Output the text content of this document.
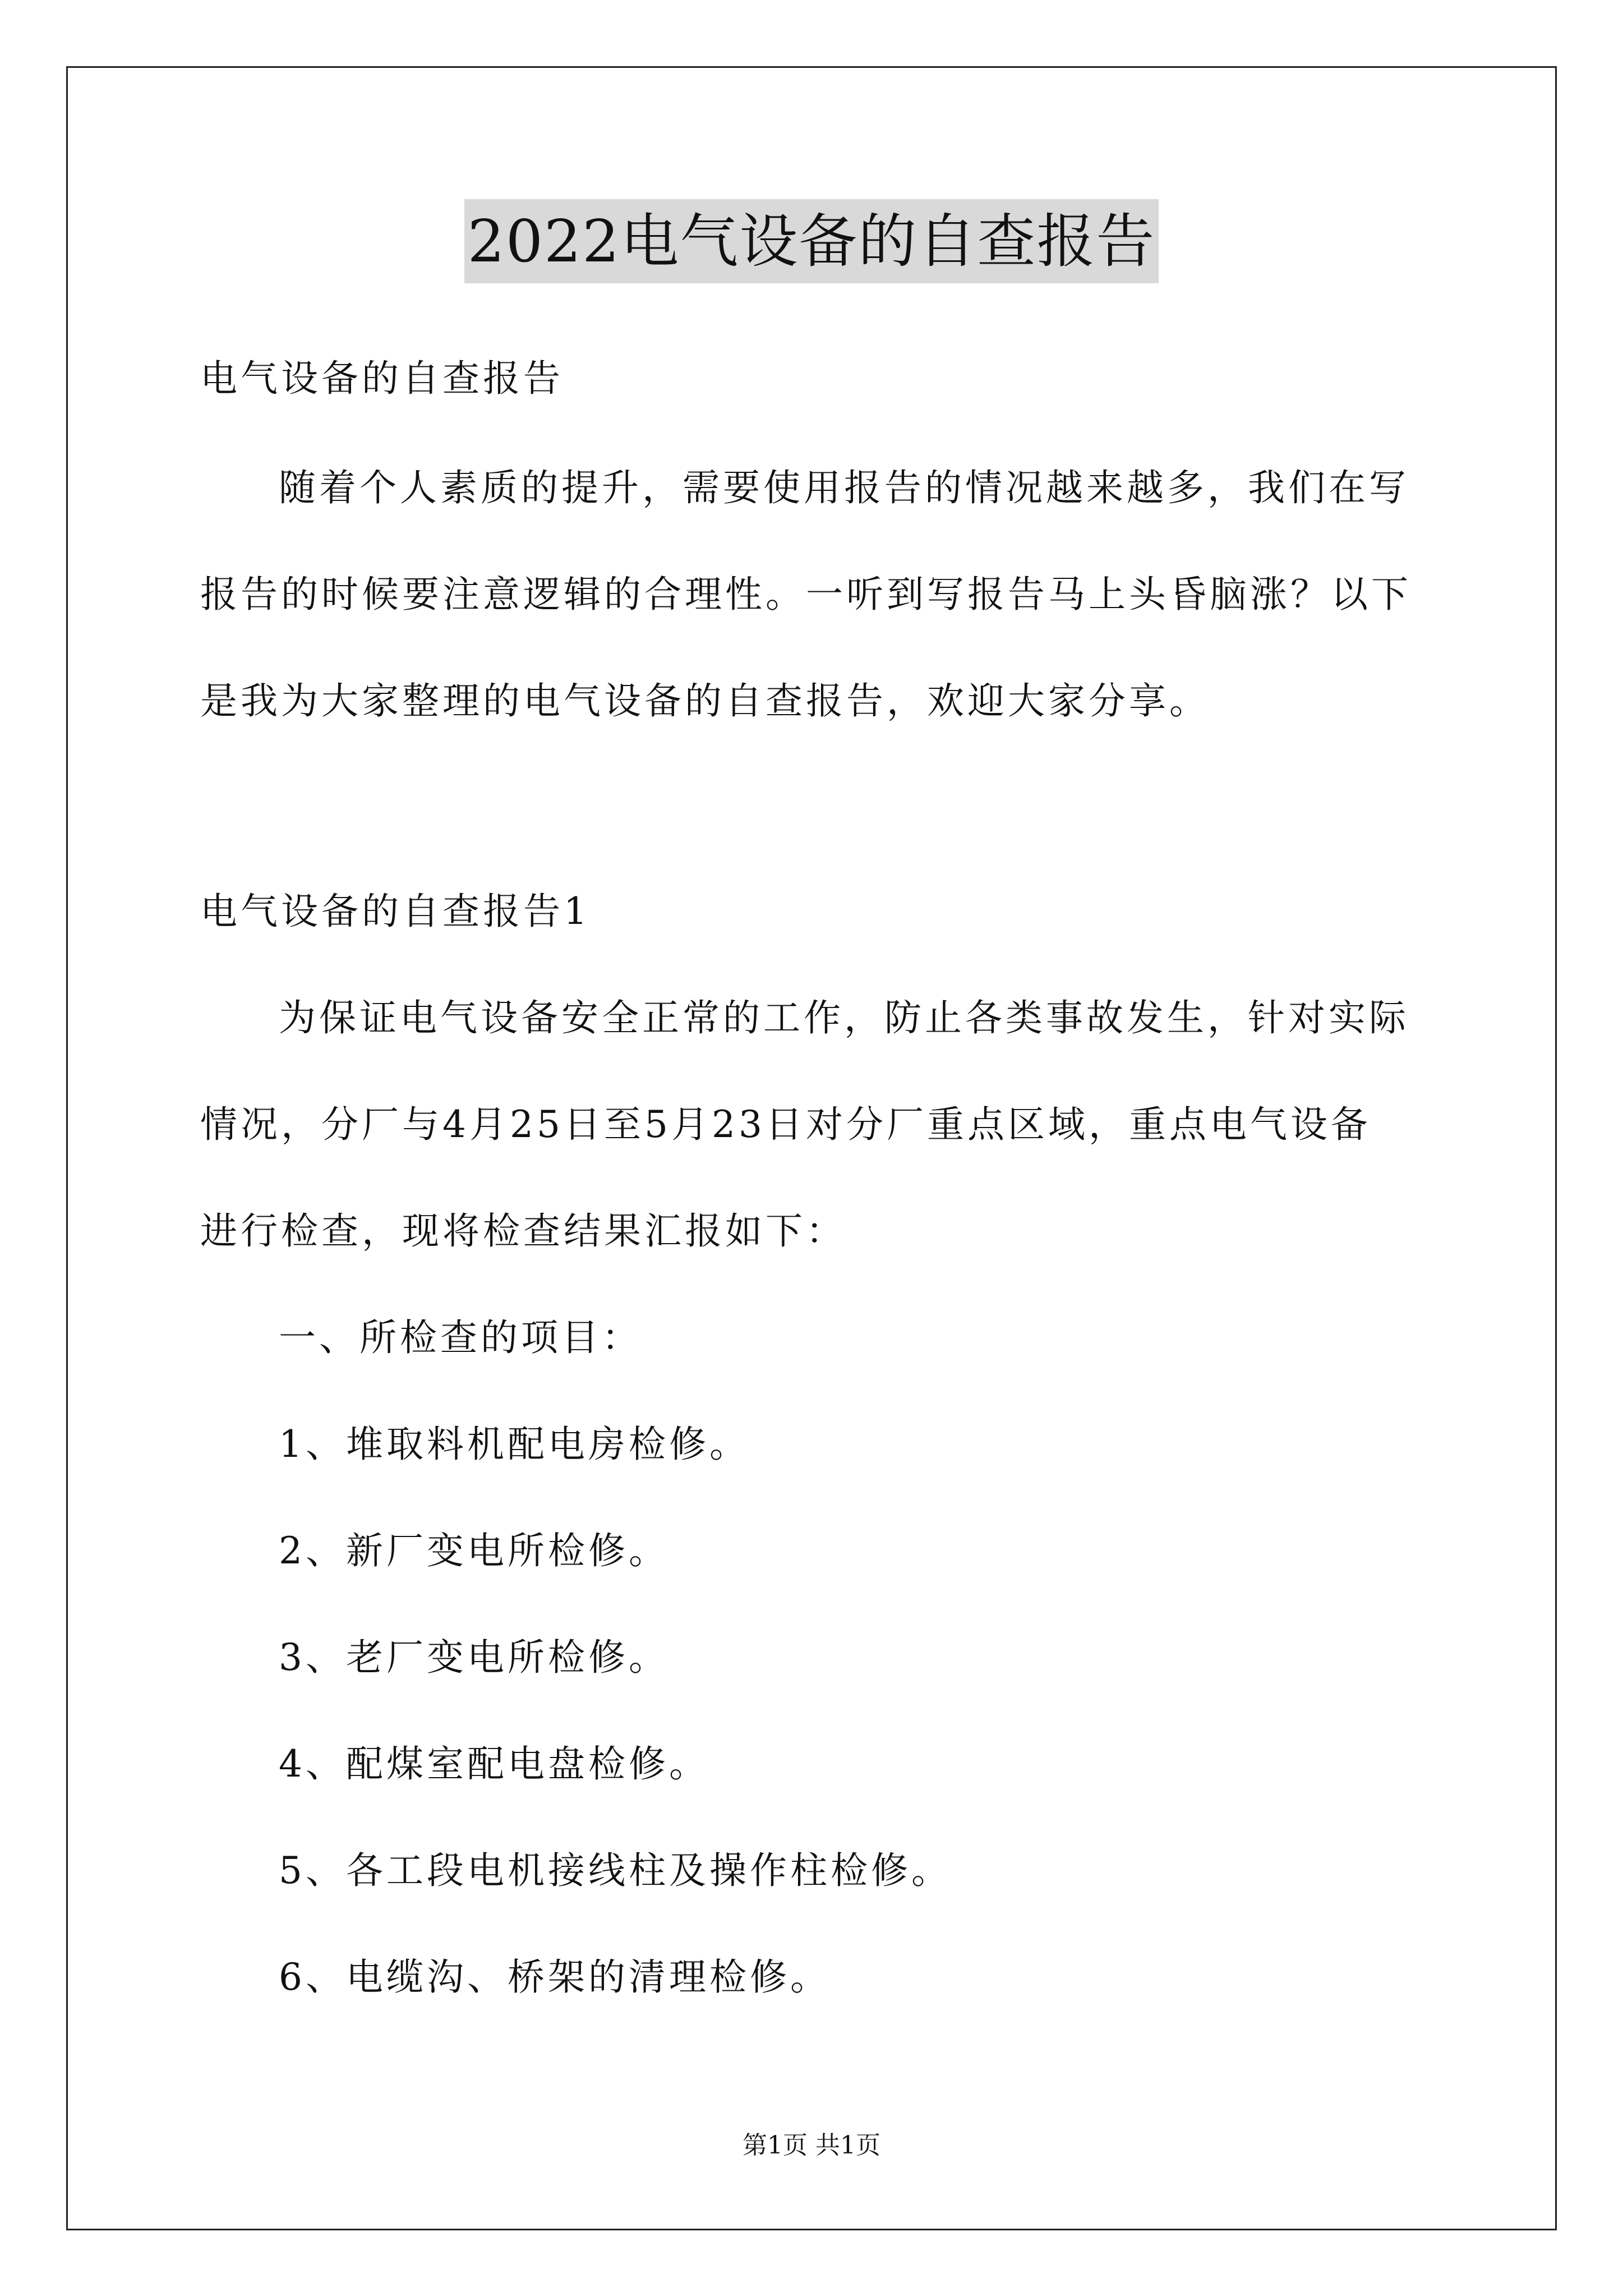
2022电气设备的自查报告
电气设备的自查报告
随着个人素质的提升，需要使用报告的情况越来越多，我们在写
报告的时候要注意逻辑的合理性。一听到写报告马上头昏脑涨？以下
是我为大家整理的电气设备的自查报告，欢迎大家分享。
电气设备的自查报告1
为保证电气设备安全正常的工作，防止各类事故发生，针对实际
情况，分厂与4月25日至5月23日对分厂重点区域，重点电气设备
进行检查，现将检查结果汇报如下：
一、所检查的项目：
1、堆取料机配电房检修。
2、新厂变电所检修。
3、老厂变电所检修。
4、配煤室配电盘检修。
5、各工段电机接线柱及操作柱检修。
6、电缆沟、桥架的清理检修。
第1页 共1页
